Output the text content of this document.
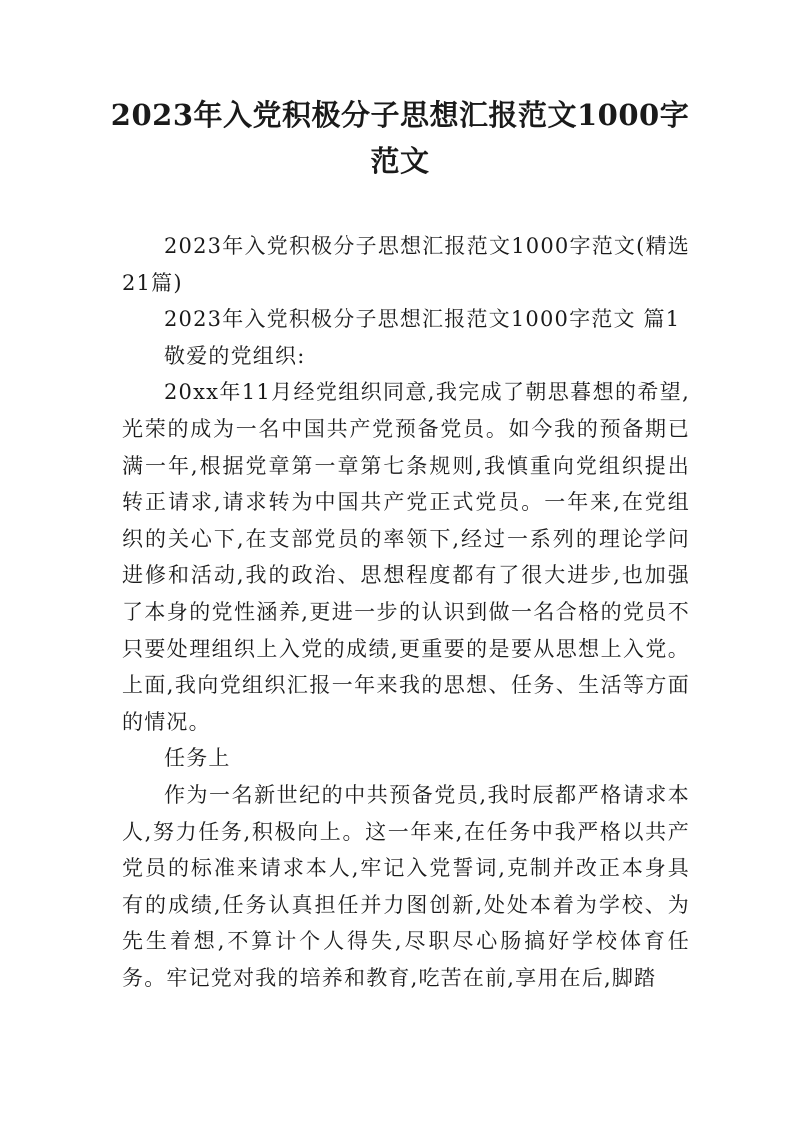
2023年入党积极分子思想汇报范文1000字范文

2023年入党积极分子思想汇报范文1000字范文(精选21篇)

2023年入党积极分子思想汇报范文1000字范文 篇1

敬爱的党组织:

20xx年11月经党组织同意,我完成了朝思暮想的希望,光荣的成为一名中国共产党预备党员。如今我的预备期已满一年,根据党章第一章第七条规则,我慎重向党组织提出转正请求,请求转为中国共产党正式党员。一年来,在党组织的关心下,在支部党员的率领下,经过一系列的理论学问进修和活动,我的政治、思想程度都有了很大进步,也加强了本身的党性涵养,更进一步的认识到做一名合格的党员不只要处理组织上入党的成绩,更重要的是要从思想上入党。上面,我向党组织汇报一年来我的思想、任务、生活等方面的情况。

任务上

作为一名新世纪的中共预备党员,我时辰都严格请求本人,努力任务,积极向上。这一年来,在任务中我严格以共产党员的标准来请求本人,牢记入党誓词,克制并改正本身具有的成绩,任务认真担任并力图创新,处处本着为学校、为先生着想,不算计个人得失,尽职尽心肠搞好学校体育任务。牢记党对我的培养和教育,吃苦在前,享用在后,脚踏
